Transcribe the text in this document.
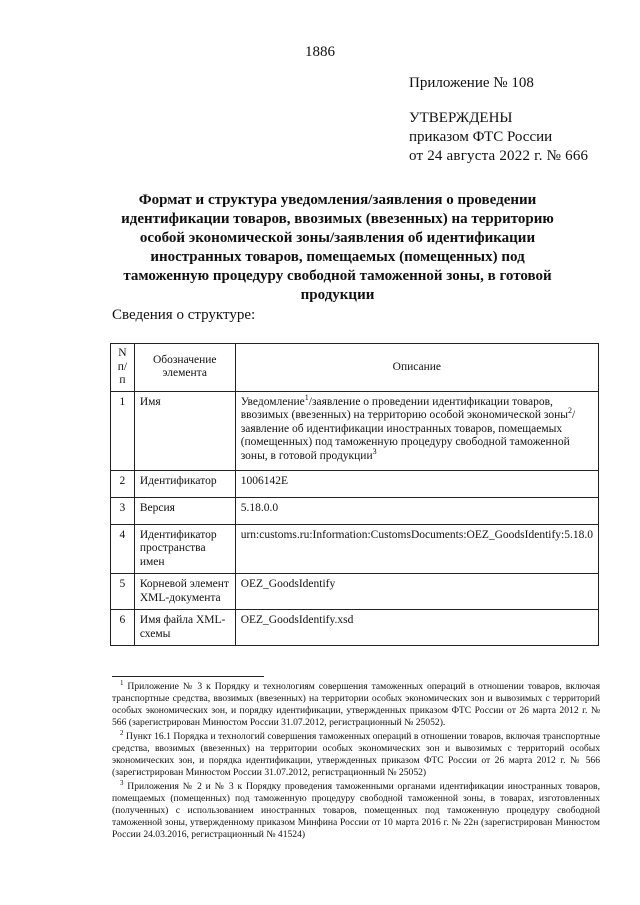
1886
Приложение № 108
УТВЕРЖДЕНЫ
приказом ФТС России
от 24 августа 2022 г. № 666
Формат и структура уведомления/заявления о проведении идентификации товаров, ввозимых (ввезенных) на территорию особой экономической зоны/заявления об идентификации иностранных товаров, помещаемых (помещенных) под таможенную процедуру свободной таможенной зоны, в готовой продукции
Сведения о структуре:
N п/п	Обозначение элемента	Описание
1	Имя	Уведомление$^1$/заявление о проведении идентификации товаров, ввозимых (ввезенных) на территорию особой экономической зоны$^2$/заявление об идентификации иностранных товаров, помещаемых (помещенных) под таможенную процедуру свободной таможенной зоны, в готовой продукции$^3$
2	Идентификатор	1006142E
3	Версия	5.18.0.0
4	Идентификатор пространства имен	urn:customs.ru:Information:CustomsDocuments:OEZ_GoodsIdentify:5.18.0
5	Корневой элемент XML-документа	OEZ_GoodsIdentify
6	Имя файла XML-схемы	OEZ_GoodsIdentify.xsd

$^1$ Приложение № 3 к Порядку и технологиям совершения таможенных операций в отношении товаров, включая транспортные средства, ввозимых (ввезенных) на территории особых экономических зон и вывозимых с территорий особых экономических зон, и порядку идентификации, утвержденных приказом ФТС России от 26 марта 2012 г. № 566 (зарегистрирован Минюстом России 31.07.2012, регистрационный № 25052).

$^2$ Пункт 16.1 Порядка и технологий совершения таможенных операций в отношении товаров, включая транспортные средства, ввозимых (ввезенных) на территории особых экономических зон и вывозимых с территорий особых экономических зон, и порядка идентификации, утвержденных приказом ФТС России от 26 марта 2012 г. № 566 (зарегистрирован Минюстом России 31.07.2012, регистрационный № 25052)

$^3$ Приложения № 2 и № 3 к Порядку проведения таможенными органами идентификации иностранных товаров, помещаемых (помещенных) под таможенную процедуру свободной таможенной зоны, в товарах, изготовленных (полученных) с использованием иностранных товаров, помещенных под таможенную процедуру свободной таможенной зоны, утвержденному приказом Минфина России от 10 марта 2016 г. № 22н (зарегистрирован Минюстом России 24.03.2016, регистрационный № 41524)
